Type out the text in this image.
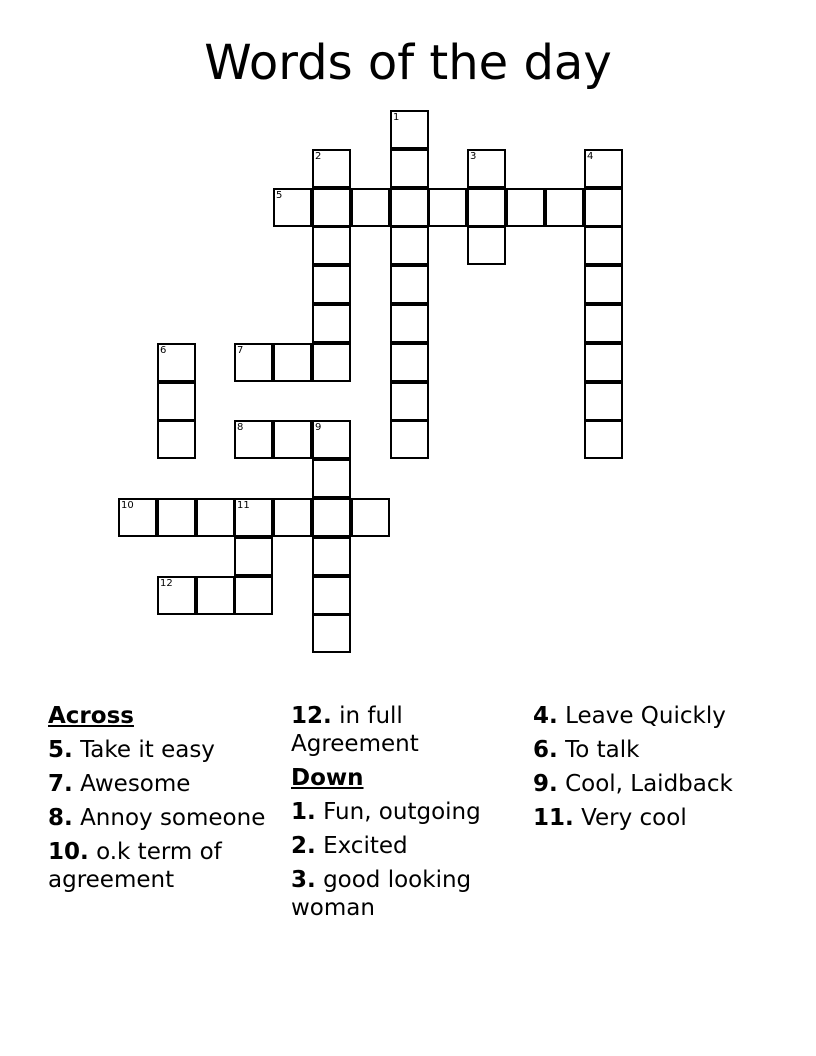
Words of the day
1
2	3	4
5
6	7
8	9
10	11
12
Across
5. Take it easy
7. Awesome
8. Annoy someone
10. o.k term of agreement
12. in full Agreement
Down
1. Fun, outgoing
2. Excited
3. good looking woman
4. Leave Quickly
6. To talk
9. Cool, Laidback
11. Very cool
